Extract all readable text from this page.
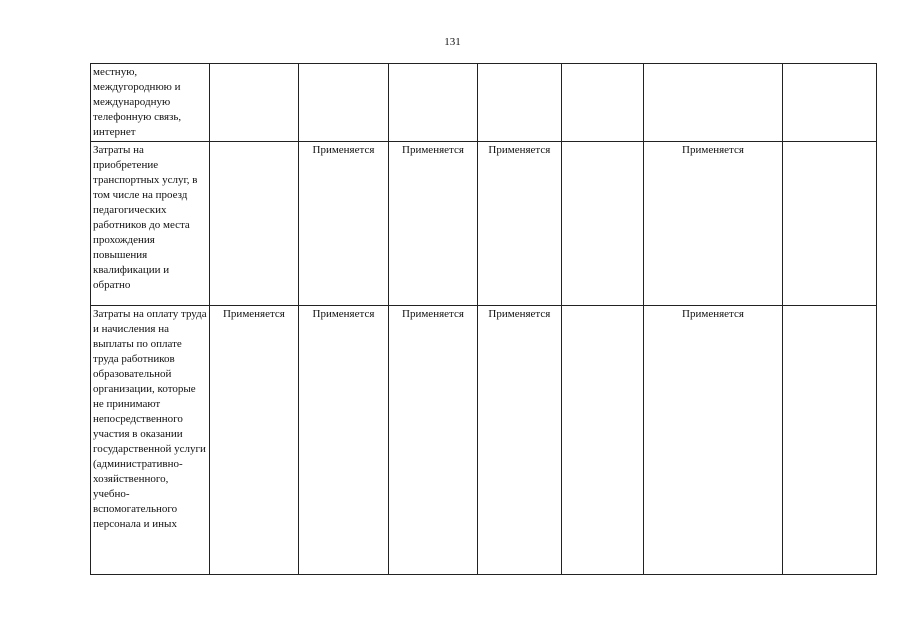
131
местную, междугороднюю и международную телефонную связь, интернет							
Затраты на приобретение транспортных услуг, в том числе на проезд педагогических работников до места прохождения повышения квалификации и обратно		Применяется	Применяется	Применяется		Применяется	
Затраты на оплату труда и начисления на выплаты по оплате труда работников образовательной организации, которые не принимают непосредственного участия в оказании государственной услуги (административно-хозяйственного, учебно-вспомогательного персонала и иных	Применяется	Применяется	Применяется	Применяется		Применяется	
